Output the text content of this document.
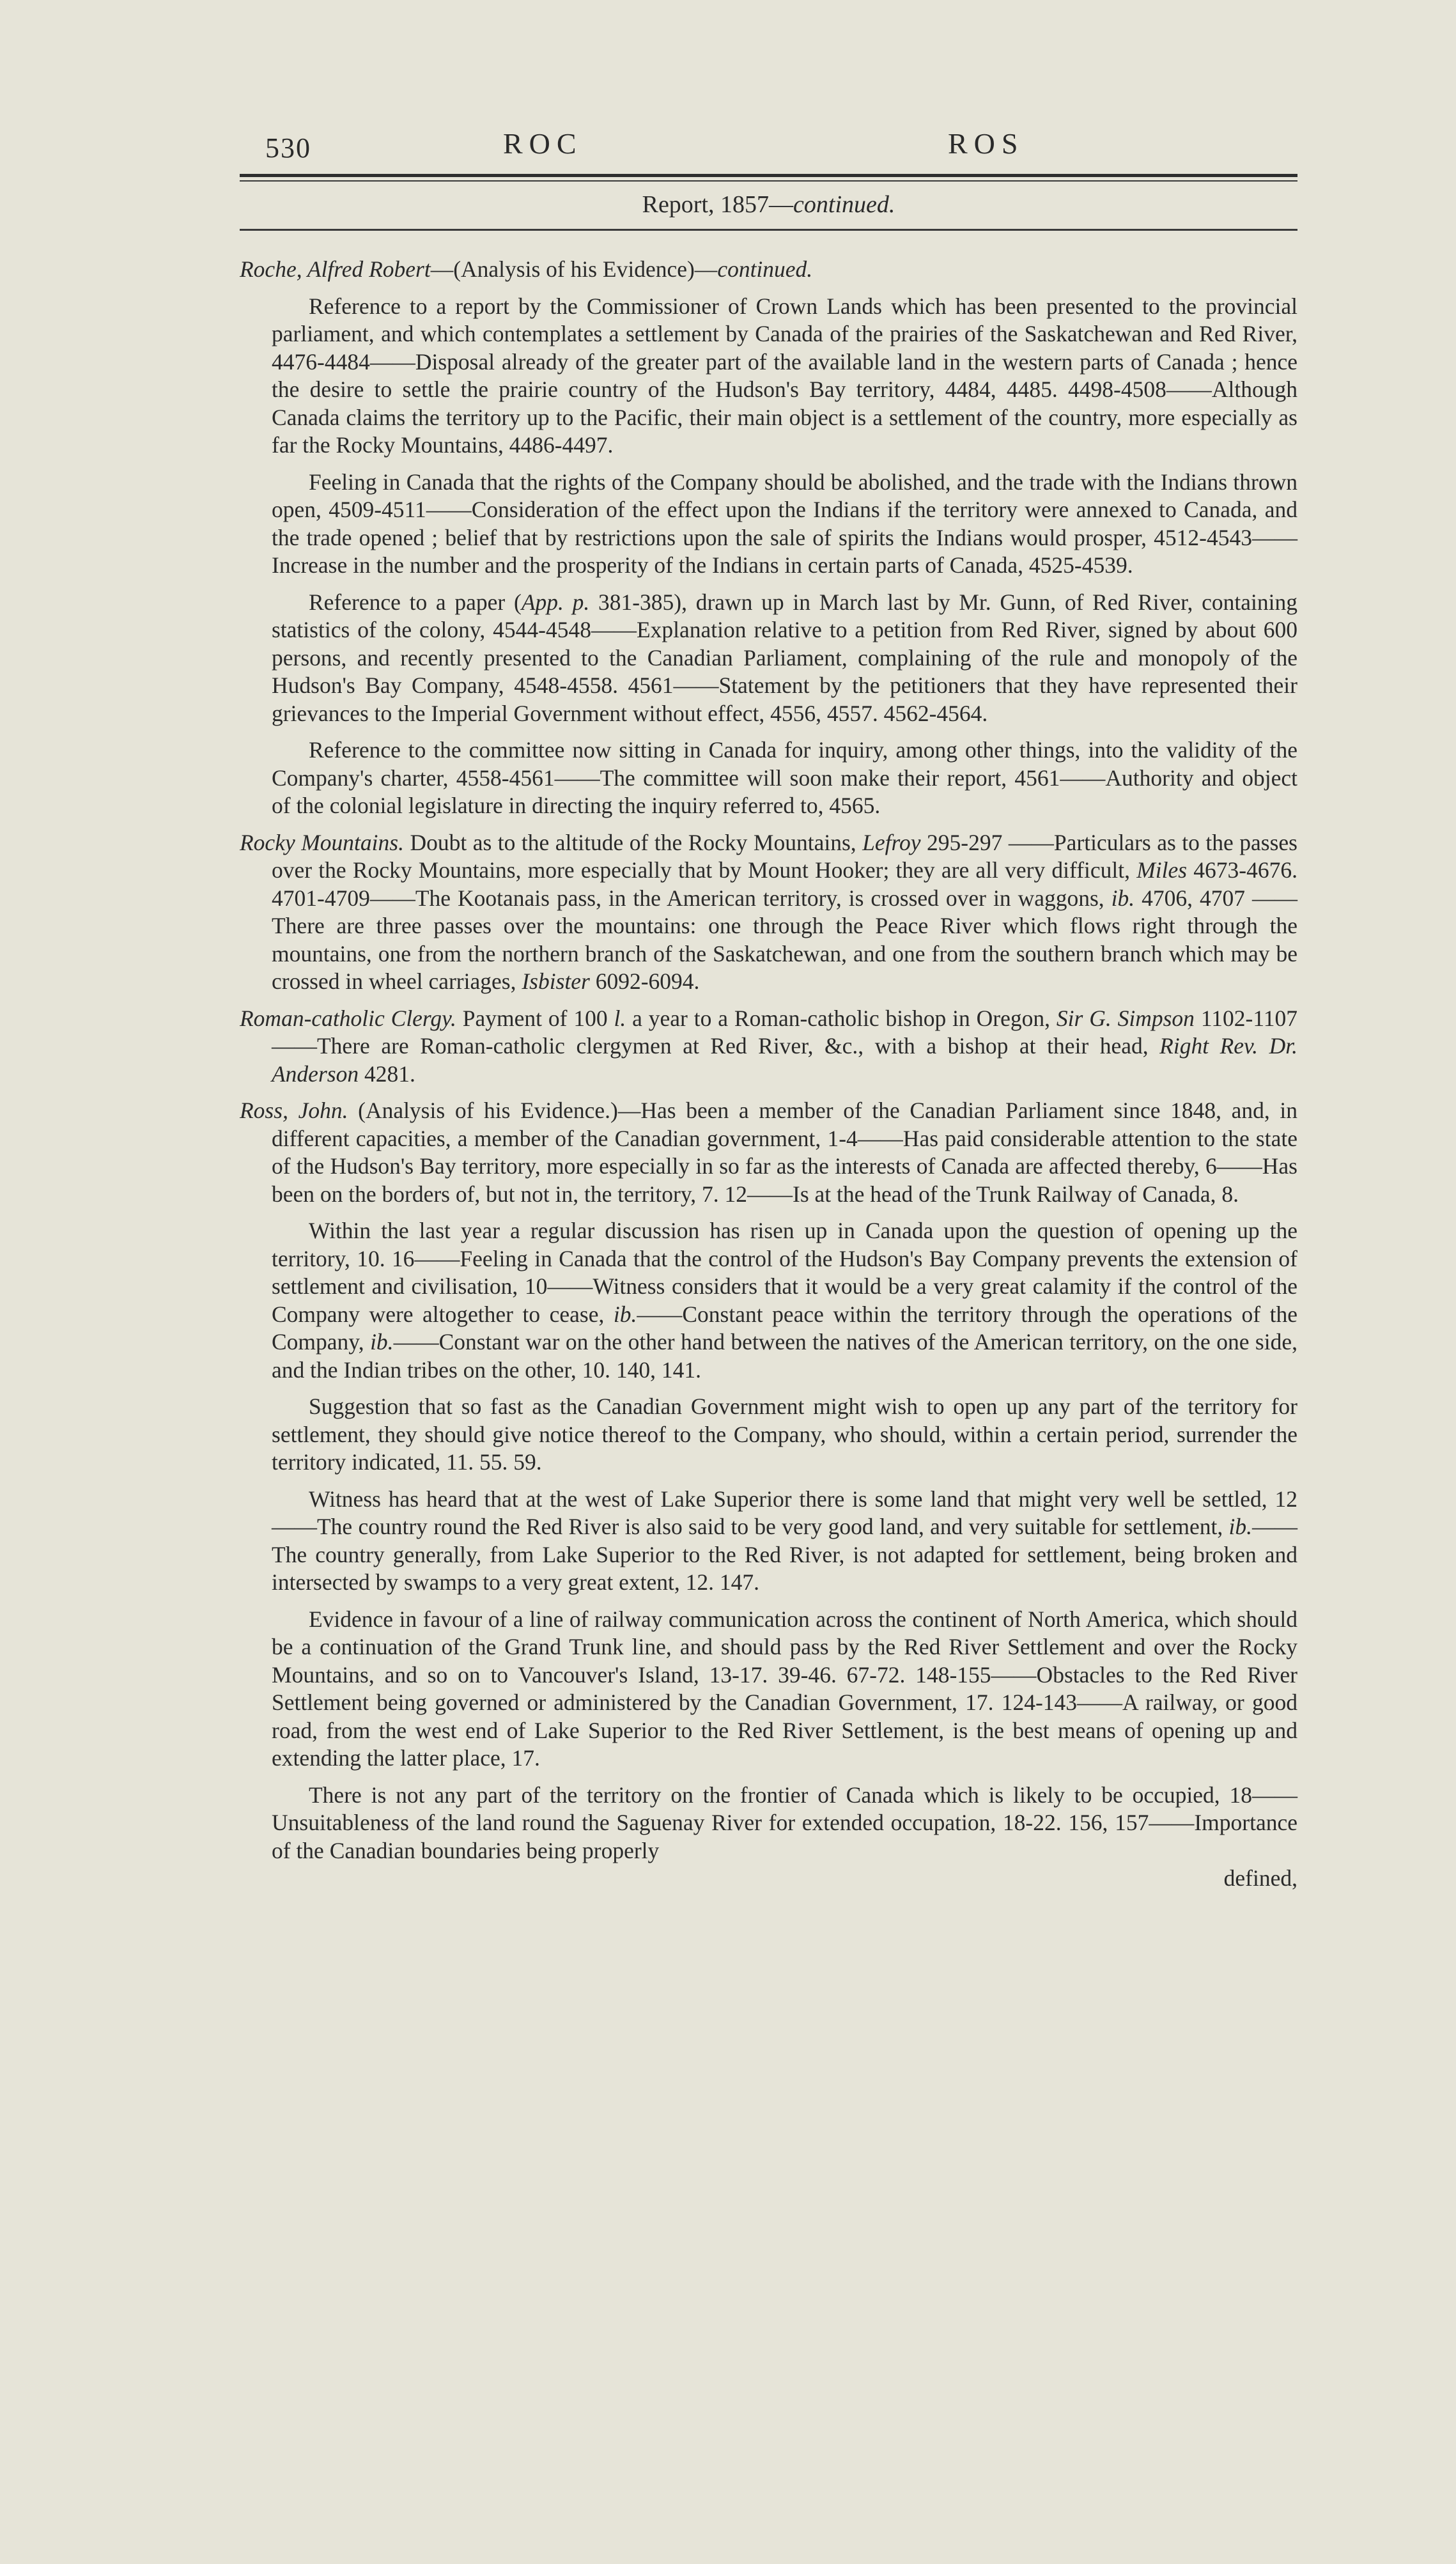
530	ROC	ROS
Report, 1857—continued.

Roche, Alfred Robert—(Analysis of his Evidence)—continued.

Reference to a report by the Commissioner of Crown Lands which has been presented to the provincial parliament, and which contemplates a settlement by Canada of the prairies of the Saskatchewan and Red River, 4476-4484——Disposal already of the greater part of the available land in the western parts of Canada ; hence the desire to settle the prairie country of the Hudson's Bay territory, 4484, 4485. 4498-4508——Although Canada claims the territory up to the Pacific, their main object is a settlement of the country, more especially as far the Rocky Mountains, 4486-4497.

Feeling in Canada that the rights of the Company should be abolished, and the trade with the Indians thrown open, 4509-4511——Consideration of the effect upon the Indians if the territory were annexed to Canada, and the trade opened ; belief that by restrictions upon the sale of spirits the Indians would prosper, 4512-4543——Increase in the number and the prosperity of the Indians in certain parts of Canada, 4525-4539.

Reference to a paper (App. p. 381-385), drawn up in March last by Mr. Gunn, of Red River, containing statistics of the colony, 4544-4548——Explanation relative to a petition from Red River, signed by about 600 persons, and recently presented to the Canadian Parliament, complaining of the rule and monopoly of the Hudson's Bay Company, 4548-4558. 4561——Statement by the petitioners that they have represented their grievances to the Imperial Government without effect, 4556, 4557. 4562-4564.

Reference to the committee now sitting in Canada for inquiry, among other things, into the validity of the Company's charter, 4558-4561——The committee will soon make their report, 4561——Authority and object of the colonial legislature in directing the inquiry referred to, 4565.

Rocky Mountains. Doubt as to the altitude of the Rocky Mountains, Lefroy 295-297 ——Particulars as to the passes over the Rocky Mountains, more especially that by Mount Hooker; they are all very difficult, Miles 4673-4676. 4701-4709——The Kootanais pass, in the American territory, is crossed over in waggons, ib. 4706, 4707 ——There are three passes over the mountains: one through the Peace River which flows right through the mountains, one from the northern branch of the Saskatchewan, and one from the southern branch which may be crossed in wheel carriages, Isbister 6092-6094.

Roman-catholic Clergy. Payment of 100 l. a year to a Roman-catholic bishop in Oregon, Sir G. Simpson 1102-1107——There are Roman-catholic clergymen at Red River, &c., with a bishop at their head, Right Rev. Dr. Anderson 4281.

Ross, John. (Analysis of his Evidence.)—Has been a member of the Canadian Parliament since 1848, and, in different capacities, a member of the Canadian government, 1-4——Has paid considerable attention to the state of the Hudson's Bay territory, more especially in so far as the interests of Canada are affected thereby, 6——Has been on the borders of, but not in, the territory, 7. 12——Is at the head of the Trunk Railway of Canada, 8.

Within the last year a regular discussion has risen up in Canada upon the question of opening up the territory, 10. 16——Feeling in Canada that the control of the Hudson's Bay Company prevents the extension of settlement and civilisation, 10——Witness considers that it would be a very great calamity if the control of the Company were altogether to cease, ib.——Constant peace within the territory through the operations of the Company, ib.——Constant war on the other hand between the natives of the American territory, on the one side, and the Indian tribes on the other, 10. 140, 141.

Suggestion that so fast as the Canadian Government might wish to open up any part of the territory for settlement, they should give notice thereof to the Company, who should, within a certain period, surrender the territory indicated, 11. 55. 59.

Witness has heard that at the west of Lake Superior there is some land that might very well be settled, 12——The country round the Red River is also said to be very good land, and very suitable for settlement, ib.——The country generally, from Lake Superior to the Red River, is not adapted for settlement, being broken and intersected by swamps to a very great extent, 12. 147.

Evidence in favour of a line of railway communication across the continent of North America, which should be a continuation of the Grand Trunk line, and should pass by the Red River Settlement and over the Rocky Mountains, and so on to Vancouver's Island, 13-17. 39-46. 67-72. 148-155——Obstacles to the Red River Settlement being governed or administered by the Canadian Government, 17. 124-143——A railway, or good road, from the west end of Lake Superior to the Red River Settlement, is the best means of opening up and extending the latter place, 17.

There is not any part of the territory on the frontier of Canada which is likely to be occupied, 18——Unsuitableness of the land round the Saguenay River for extended occupation, 18-22. 156, 157——Importance of the Canadian boundaries being properly

defined,
